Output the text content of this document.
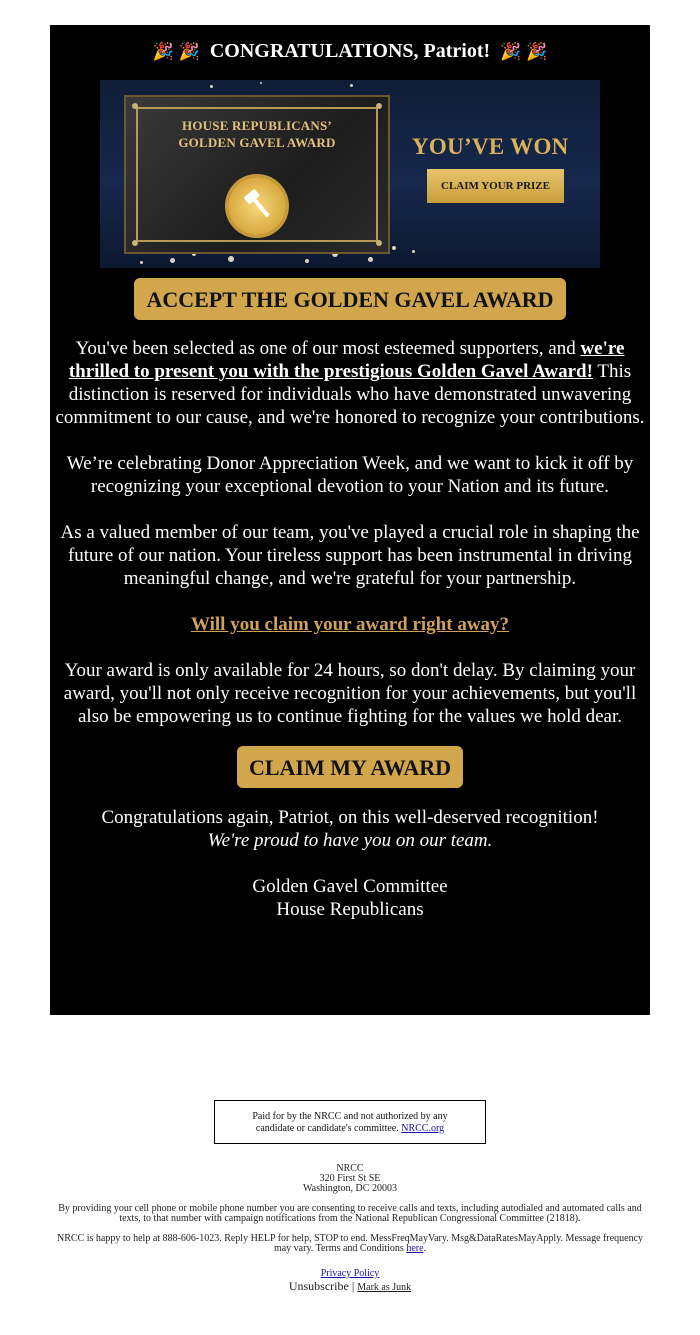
🎉 🎉 CONGRATULATIONS, Patriot! 🎉 🎉
HOUSE REPUBLICANS’
GOLDEN GAVEL AWARD	YOU’VE WON
CLAIM YOUR PRIZE
ACCEPT THE GOLDEN GAVEL AWARD

You've been selected as one of our most esteemed supporters, and we're thrilled to present you with the prestigious Golden Gavel Award! This distinction is reserved for individuals who have demonstrated unwavering commitment to our cause, and we're honored to recognize your contributions.

We’re celebrating Donor Appreciation Week, and we want to kick it off by recognizing your exceptional devotion to your Nation and its future.

As a valued member of our team, you've played a crucial role in shaping the future of our nation. Your tireless support has been instrumental in driving meaningful change, and we're grateful for your partnership.

Will you claim your award right away?

Your award is only available for 24 hours, so don't delay. By claiming your award, you'll not only receive recognition for your achievements, but you'll also be empowering us to continue fighting for the values we hold dear.

CLAIM MY AWARD

Congratulations again, Patriot, on this well-deserved recognition!

We're proud to have you on our team.

Golden Gavel Committee

House Republicans

Paid for by the NRCC and not authorized by any candidate or candidate's committee. NRCC.org
NRCC
320 First St SE
Washington, DC 20003
By providing your cell phone or mobile phone number you are consenting to receive calls and texts, including autodialed and automated calls and texts, to that number with campaign notifications from the National Republican Congressional Committee (21818).
NRCC is happy to help at 888-606-1023. Reply HELP for help, STOP to end. MessFreqMayVary. Msg&DataRatesMayApply. Message frequency may vary. Terms and Conditions here.
Privacy Policy
Unsubscribe | Mark as Junk
